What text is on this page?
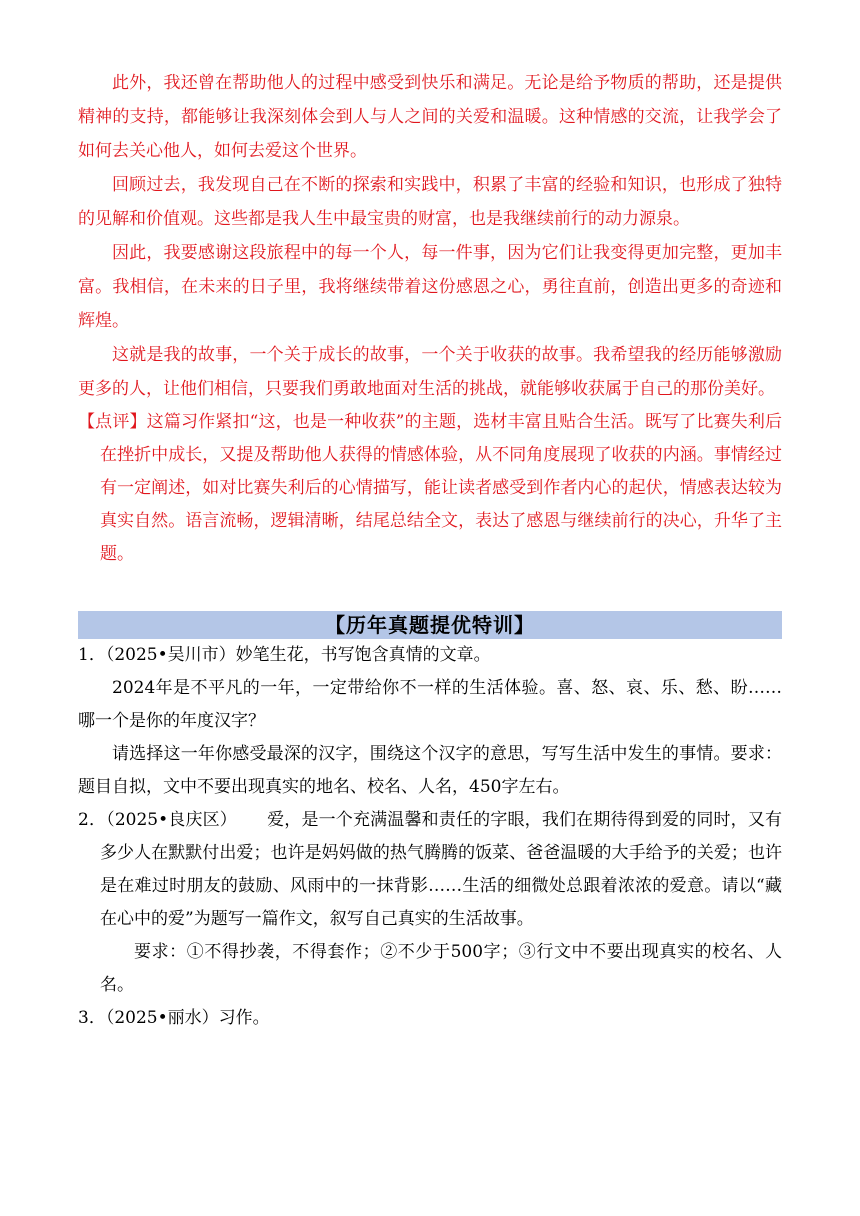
此外，我还曾在帮助他人的过程中感受到快乐和满足。无论是给予物质的帮助，还是提供精神的支持，都能够让我深刻体会到人与人之间的关爱和温暖。这种情感的交流，让我学会了如何去关心他人，如何去爱这个世界。

回顾过去，我发现自己在不断的探索和实践中，积累了丰富的经验和知识，也形成了独特的见解和价值观。这些都是我人生中最宝贵的财富，也是我继续前行的动力源泉。

因此，我要感谢这段旅程中的每一个人，每一件事，因为它们让我变得更加完整，更加丰富。我相信，在未来的日子里，我将继续带着这份感恩之心，勇往直前，创造出更多的奇迹和辉煌。

这就是我的故事，一个关于成长的故事，一个关于收获的故事。我希望我的经历能够激励更多的人，让他们相信，只要我们勇敢地面对生活的挑战，就能够收获属于自己的那份美好。

【点评】这篇习作紧扣“这，也是一种收获”的主题，选材丰富且贴合生活。既写了比赛失利后在挫折中成长，又提及帮助他人获得的情感体验，从不同角度展现了收获的内涵。事情经过有一定阐述，如对比赛失利后的心情描写，能让读者感受到作者内心的起伏，情感表达较为真实自然。语言流畅，逻辑清晰，结尾总结全文，表达了感恩与继续前行的决心，升华了主题。

【历年真题提优特训】

1．（2025•吴川市）妙笔生花，书写饱含真情的文章。

2024年是不平凡的一年，一定带给你不一样的生活体验。喜、怒、哀、乐、愁、盼……哪一个是你的年度汉字？

请选择这一年你感受最深的汉字，围绕这个汉字的意思，写写生活中发生的事情。要求：题目自拟，文中不要出现真实的地名、校名、人名，450字左右。

2．（2025•良庆区） 爱，是一个充满温馨和责任的字眼，我们在期待得到爱的同时，又有多少人在默默付出爱；也许是妈妈做的热气腾腾的饭菜、爸爸温暖的大手给予的关爱；也许是在难过时朋友的鼓励、风雨中的一抹背影……生活的细微处总跟着浓浓的爱意。请以“藏在心中的爱”为题写一篇作文，叙写自己真实的生活故事。

要求：①不得抄袭，不得套作；②不少于500字；③行文中不要出现真实的校名、人名。

3．（2025•丽水）习作。
